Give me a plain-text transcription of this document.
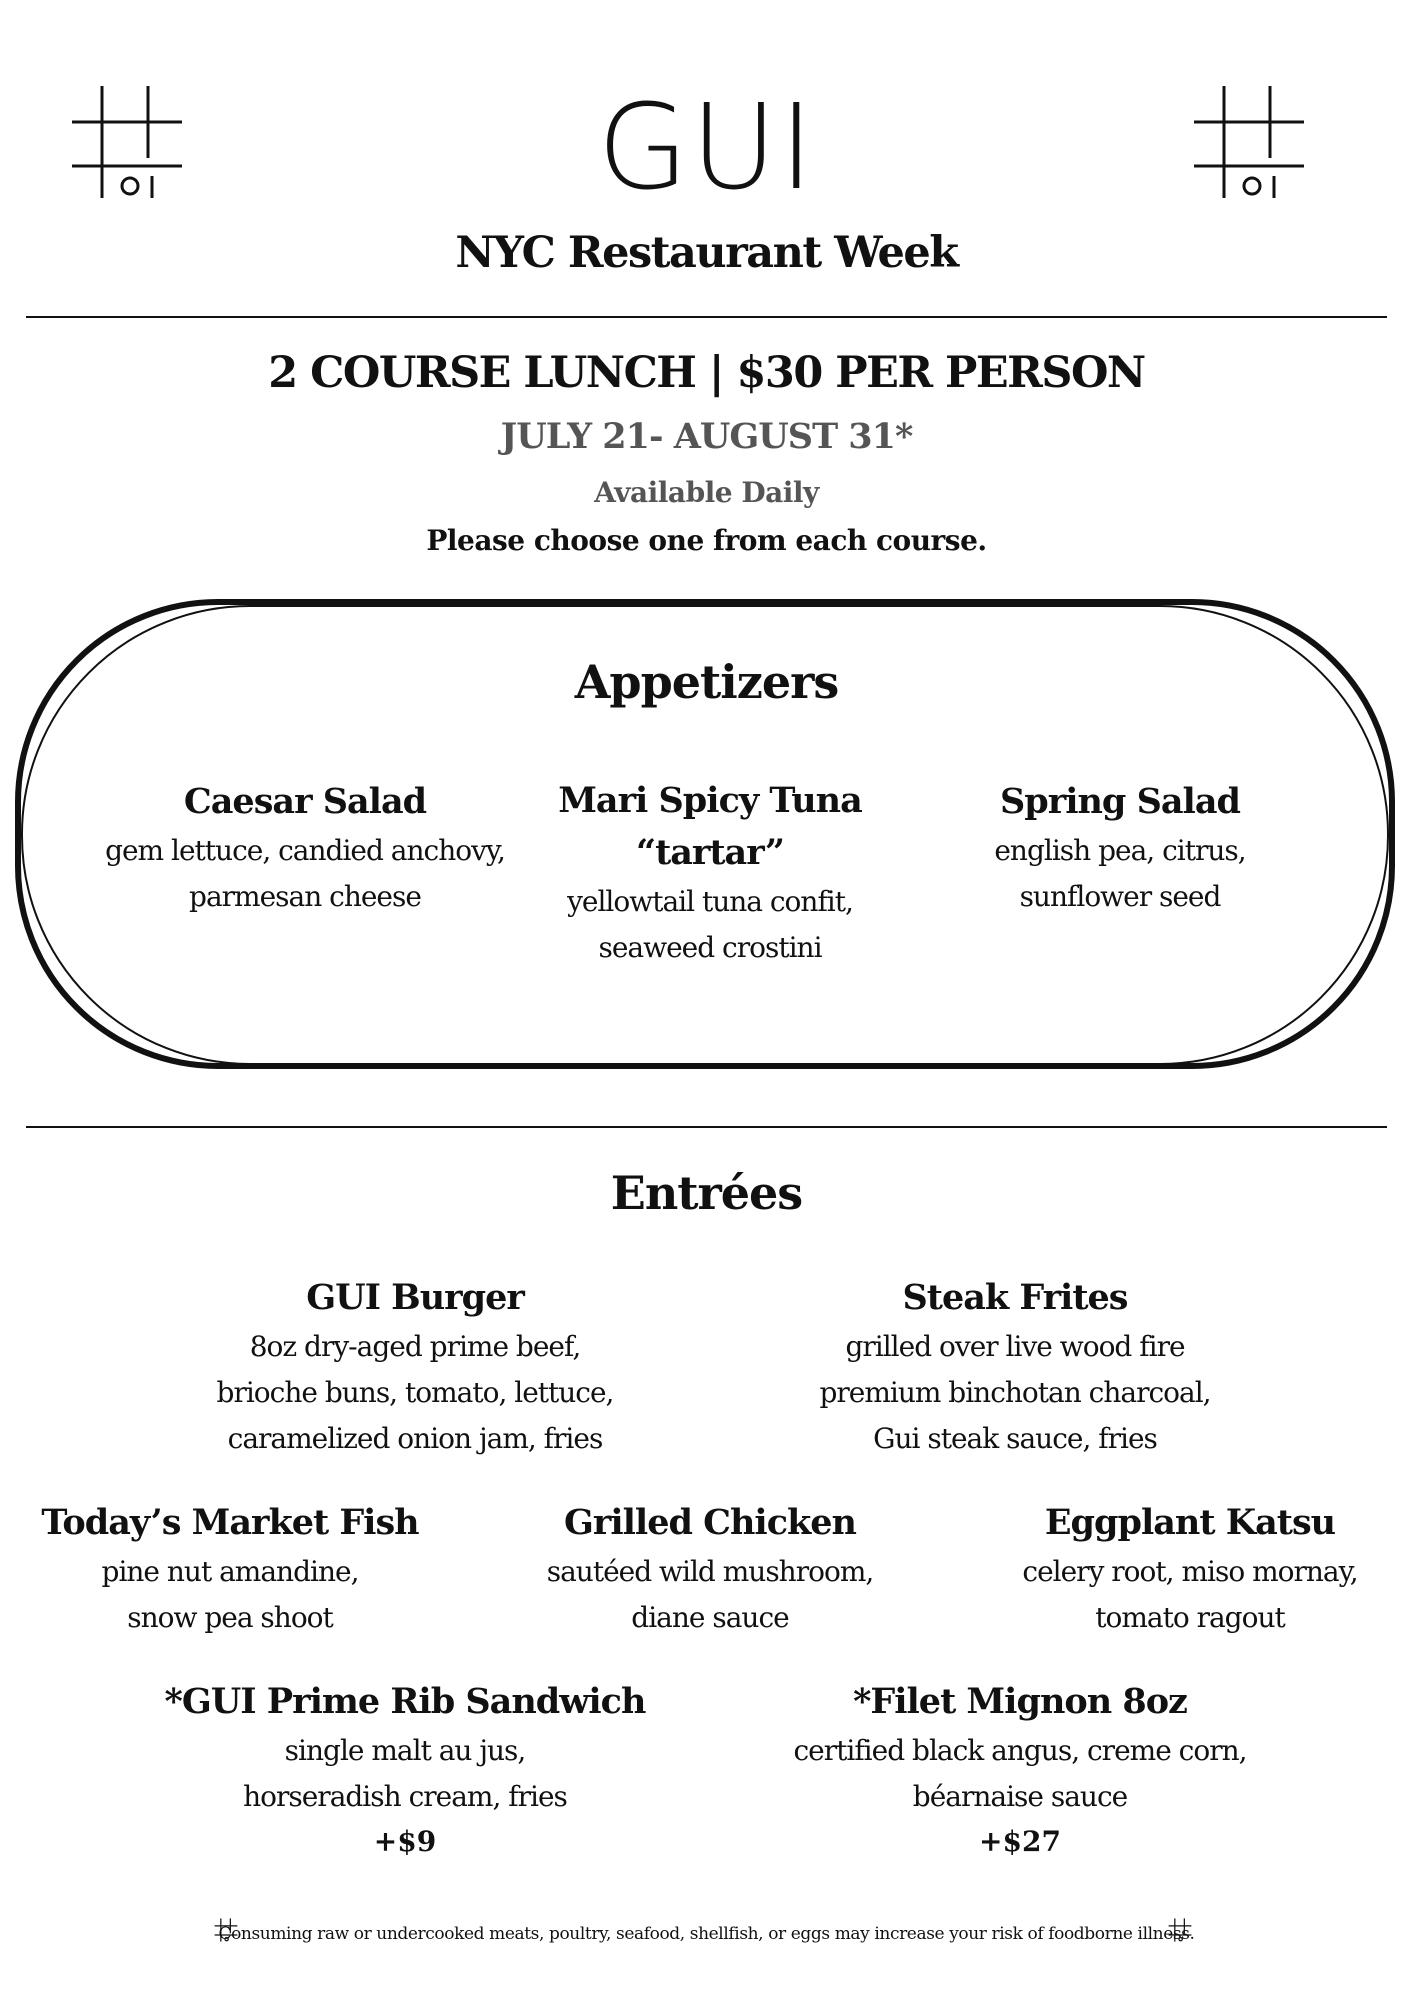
GUI
NYC Restaurant Week
2 COURSE LUNCH | $30 PER PERSON
JULY 21- AUGUST 31*
Available Daily
Please choose one from each course.
Appetizers
Caesar Salad
gem lettuce, candied anchovy,
parmesan cheese
Mari Spicy Tuna
“tartar”
yellowtail tuna confit,
seaweed crostini
Spring Salad
english pea, citrus,
sunflower seed
Entrées
GUI Burger
8oz dry-aged prime beef,
brioche buns, tomato, lettuce,
caramelized onion jam, fries
Steak Frites
grilled over live wood fire
premium binchotan charcoal,
Gui steak sauce, fries
Today’s Market Fish
pine nut amandine,
snow pea shoot
Grilled Chicken
sautéed wild mushroom,
diane sauce
Eggplant Katsu
celery root, miso mornay,
tomato ragout
*GUI Prime Rib Sandwich
single malt au jus,
horseradish cream, fries
+$9
*Filet Mignon 8oz
certified black angus, creme corn,
béarnaise sauce
+$27
Consuming raw or undercooked meats, poultry, seafood, shellfish, or eggs may increase your risk of foodborne illness.
